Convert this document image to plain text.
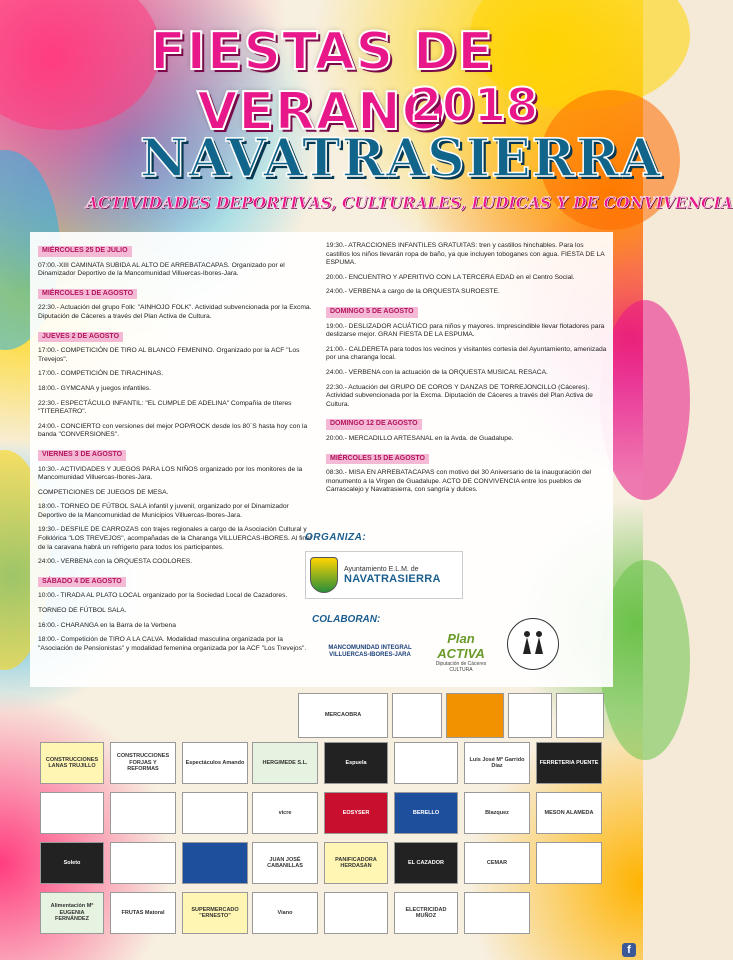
FIESTAS DE VERANO
2018
NAVATRASIERRA
ACTIVIDADES DEPORTIVAS, CULTURALES, LUDICAS Y DE CONVIVENCIA
MIÉRCOLES 25 DE JULIO
07:00.-XIII CAMINATA SUBIDA AL ALTO DE ARREBATACAPAS. Organizado por el Dinamizador Deportivo de la Mancomunidad Villuercas-Ibores-Jara.
MIÉRCOLES 1 DE AGOSTO
22:30.- Actuación del grupo Folk: "AINHOJO FOLK". Actividad subvencionada por la Excma. Diputación de Cáceres a través del Plan Activa de Cultura.
JUEVES 2 DE AGOSTO
17:00.- COMPETICIÓN DE TIRO AL BLANCO FEMENINO. Organizado por la ACF "Los Trevejos".
17:00.- COMPETICIÓN DE TIRACHINAS.
18:00.- GYMCANA y juegos infantiles.
22:30.- ESPECTÁCULO INFANTIL: "EL CUMPLE DE ADELINA" Compañía de títeres "TITEREATRO".
24:00.- CONCIERTO con versiones del mejor POP/ROCK desde los 80´S hasta hoy con la banda "CONVERSIONES".
VIERNES 3 DE AGOSTO
10:30.- ACTIVIDADES Y JUEGOS PARA LOS NIÑOS organizado por los monitores de la Mancomunidad Villuercas-Ibores-Jara.
COMPETICIONES DE JUEGOS DE MESA.
18:00.- TORNEO DE FÚTBOL SALA infantil y juvenil, organizado por el Dinamizador Deportivo de la Mancomunidad de Municipios Villuercas-Ibores-Jara.
19:30.- DESFILE DE CARROZAS con trajes regionales a cargo de la Asociación Cultural y Folklórica "LOS TREVEJOS", acompañadas de la Charanga VILLUERCAS-IBORES. Al final de la caravana habrá un refrigerio para todos los participantes.
24:00.- VERBENA con la ORQUESTA COOLORES.
SÁBADO 4 DE AGOSTO
10:00.- TIRADA AL PLATO LOCAL organizado por la Sociedad Local de Cazadores.
TORNEO DE FÚTBOL SALA.
16:00.- CHARANGA en la Barra de la Verbena
18:00.- Competición de TIRO A LA CALVA. Modalidad masculina organizada por la "Asociación de Pensionistas" y modalidad femenina organizada por la ACF "Los Trevejos".
19:30.- ATRACCIONES INFANTILES GRATUITAS: tren y castillos hinchables. Para los castillos los niños llevarán ropa de baño, ya que incluyen toboganes con agua. FIESTA DE LA ESPUMA.
20:00.- ENCUENTRO Y APERITIVO CON LA TERCERA EDAD en el Centro Social.
24:00.- VERBENA a cargo de la ORQUESTA SUROESTE.
DOMINGO 5 DE AGOSTO
19:00.- DESLIZADOR ACUÁTICO para niños y mayores. Imprescindible llevar flotadores para deslizarse mejor. GRAN FIESTA DE LA ESPUMA.
21:00.- CALDERETA para todos los vecinos y visitantes cortesía del Ayuntamiento, amenizada por una charanga local.
24:00.- VERBENA con la actuación de la ORQUESTA MUSICAL RESACA.
22:30.- Actuación del GRUPO DE COROS Y DANZAS DE TORREJONCILLO (Cáceres). Actividad subvencionada por la Excma. Diputación de Cáceres a través del Plan Activa de Cultura.
DOMINGO 12 DE AGOSTO
20:00.- MERCADILLO ARTESANAL en la Avda. de Guadalupe.
MIÉRCOLES 15 DE AGOSTO
08:30.- MISA EN ARREBATACAPAS con motivo del 30 Aniversario de la inauguración del monumento a la Virgen de Guadalupe. ACTO DE CONVIVENCIA entre los pueblos de Carrascalejo y Navatrasierra, con sangría y dulces.
ORGANIZA:
Ayuntamiento E.L.M. de
NAVATRASIERRA
COLABORAN:
MANCOMUNIDAD INTEGRAL
VILLUERCAS-IBORES-JARA
Plan
ACTIVA
Diputación de Cáceres
CULTURA
MERCAOBRA
CONSTRUCCIONES LANAS TRUJILLO
CONSTRUCCIONES FORJAS Y REFORMAS
Espectáculos Amando	HERGIMEDE S.L.	Espuela
Luis José Mª Garrido Díaz
FERRETERIA PUENTE
vicre	EOSYSER	BERELLO	Blazquez	MESON ALAMEDA
Soleto
JUAN JOSÉ CABANILLAS
PANIFICADORA HERDASAN
EL CAZADOR	CEMAR
Alimentación Mª EUGENIA FERNÁNDEZ
FRUTAS Matoral
SUPERMERCADO "ERNESTO"
Viano
ELECTRICIDAD MUÑOZ
f
